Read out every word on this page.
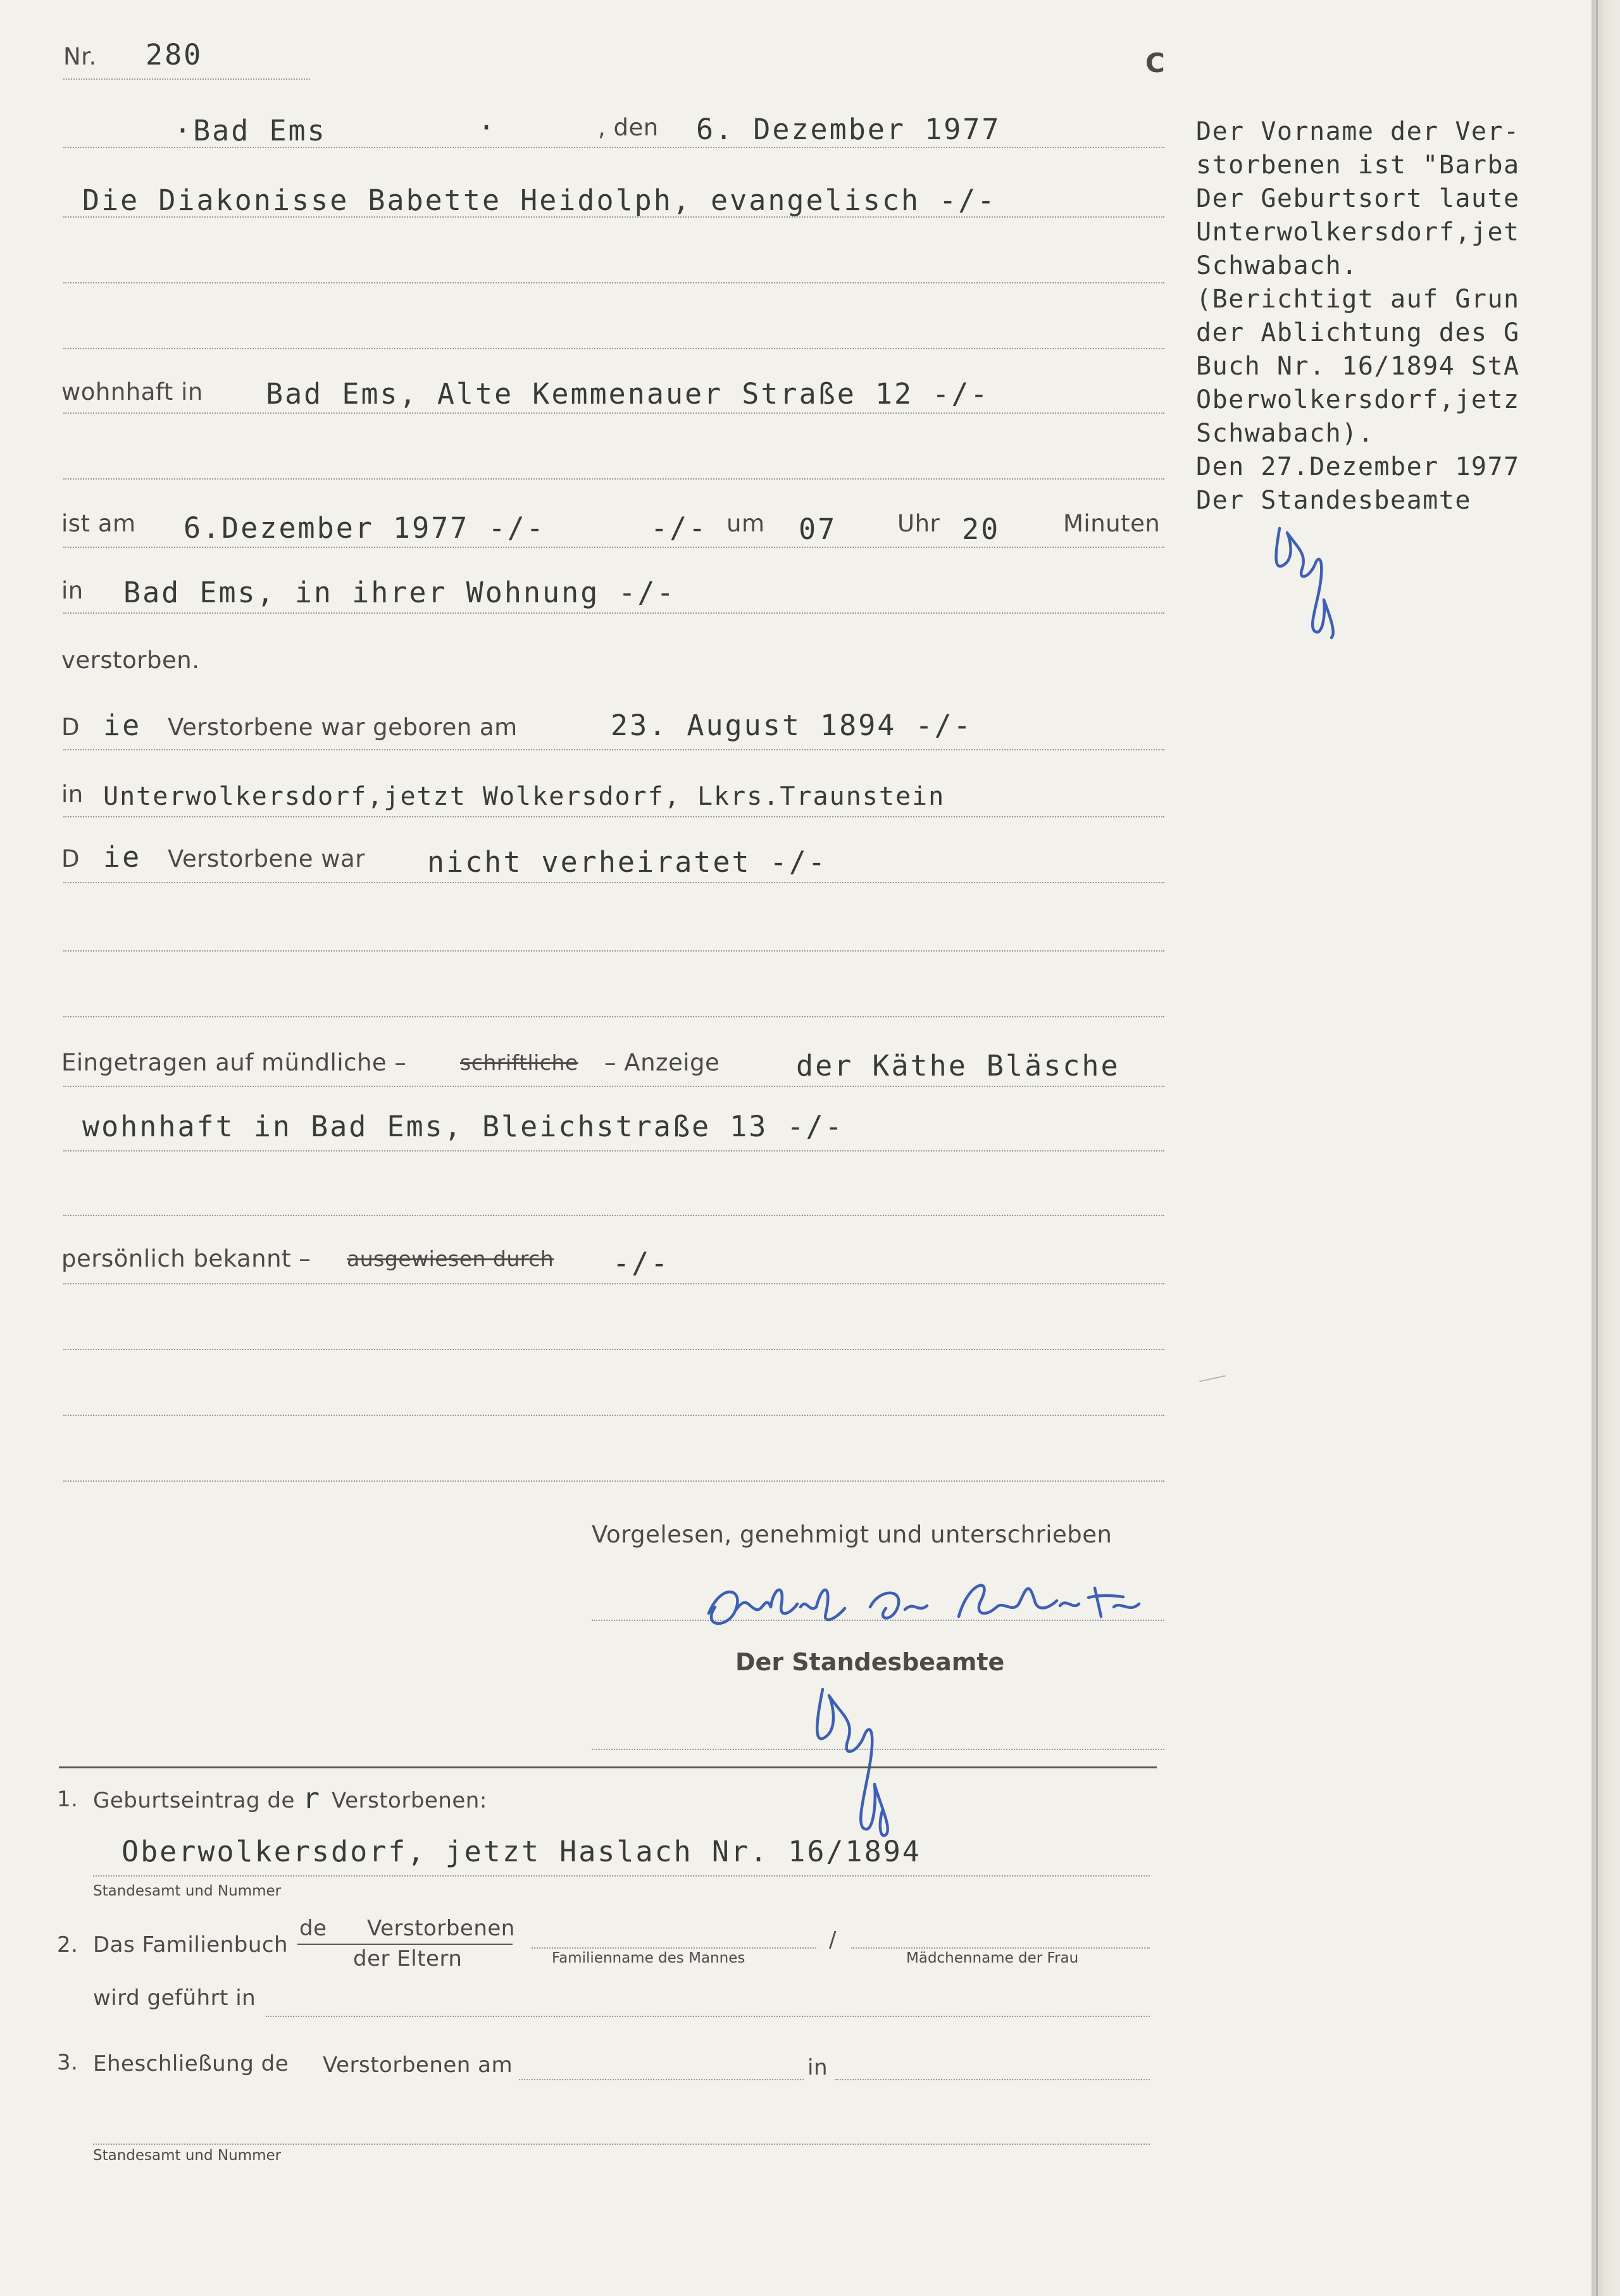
Nr. 280	C
·Bad Ems	·	, den 6. Dezember 1977
Die Diakonisse Babette Heidolph, evangelisch -/-
wohnhaft in Bad Ems, Alte Kemmenauer Straße 12 -/-
ist am 6.Dezember 1977 -/-	-/- um 07	Uhr 20	Minuten
in Bad Ems, in ihrer Wohnung -/-
verstorben.
D ie Verstorbene war geboren am	23. August 1894 -/-
in Unterwolkersdorf,jetzt Wolkersdorf, Lkrs.Traunstein
D ie Verstorbene war nicht verheiratet -/-
Eingetragen auf mündliche –	schriftliche – Anzeige	der Käthe Bläsche
wohnhaft in Bad Ems, Bleichstraße 13 -/-
persönlich bekannt – ausgewiesen durch -/-
Vorgelesen, genehmigt und unterschrieben
Der Standesbeamte
1. Geburtseintrag de r Verstorbenen:
Oberwolkersdorf, jetzt Haslach Nr. 16/1894
Standesamt und Nummer
2. Das Familienbuch
de Verstorbenen
der Eltern	Familienname des Mannes
/
Mädchenname der Frau
wird geführt in
3. Eheschließung de Verstorbenen am	in
Standesamt und Nummer
Der Vorname der Ver-
storbenen ist "Barba
Der Geburtsort laute
Unterwolkersdorf,jet
Schwabach.
(Berichtigt auf Grun
der Ablichtung des G
Buch Nr. 16/1894 StA
Oberwolkersdorf,jetz
Schwabach).
Den 27.Dezember 1977
Der Standesbeamte
